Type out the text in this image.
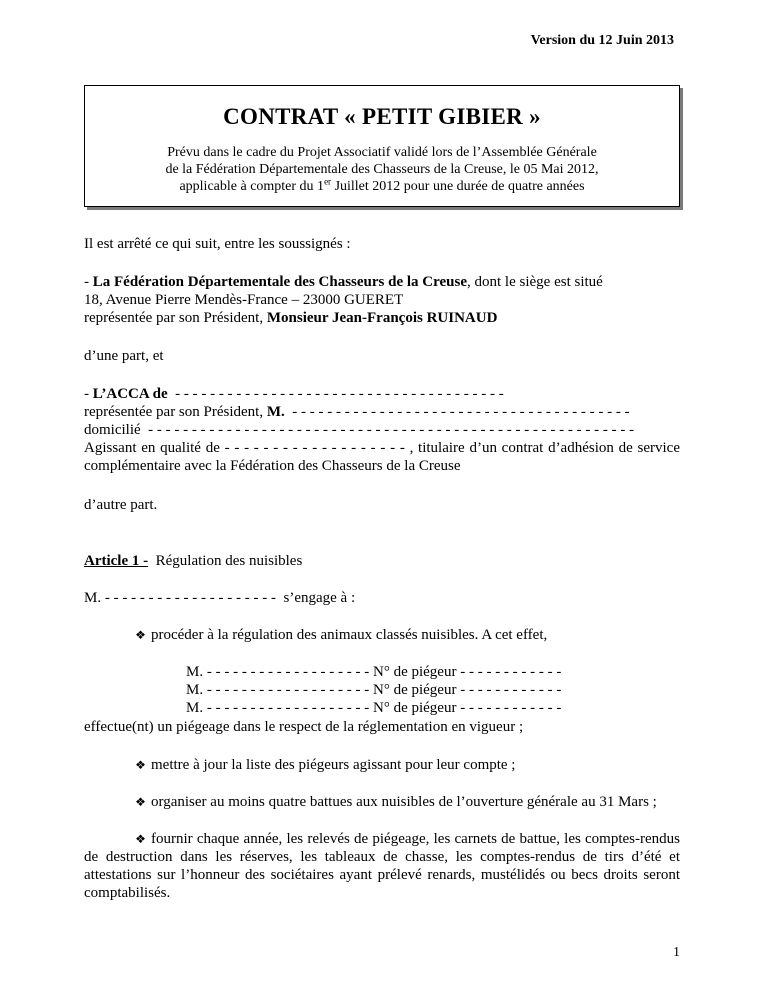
Version du 12 Juin 2013
CONTRAT « PETIT GIBIER »
Prévu dans le cadre du Projet Associatif validé lors de l’Assemblée Générale
de la Fédération Départementale des Chasseurs de la Creuse, le 05 Mai 2012,
applicable à compter du 1er Juillet 2012 pour une durée de quatre années
Il est arrêté ce qui suit, entre les soussignés :
- La Fédération Départementale des Chasseurs de la Creuse, dont le siège est situé
18, Avenue Pierre Mendès-France – 23000 GUERET
représentée par son Président, Monsieur Jean-François RUINAUD
d’une part, et
- L’ACCA de  - - - - - - - - - - - - - - - - - - - - - - - - - - - - - - - - - - - - - -
représentée par son Président, M.  - - - - - - - - - - - - - - - - - - - - - - - - - - - - - - - - - - - - - - -
domicilié  - - - - - - - - - - - - - - - - - - - - - - - - - - - - - - - - - - - - - - - - - - - - - - - - - - - - - - - -
Agissant en qualité de - - - - - - - - - - - - - - - - - - - , titulaire d’un contrat d’adhésion de service complémentaire avec la Fédération des Chasseurs de la Creuse
d’autre part.
Article 1 -  Régulation des nuisibles
M. - - - - - - - - - - - - - - - - - - - -  s’engage à :
❖ procéder à la régulation des animaux classés nuisibles. A cet effet,
M. - - - - - - - - - - - - - - - - - - - N° de piégeur - - - - - - - - - - - -
M. - - - - - - - - - - - - - - - - - - - N° de piégeur - - - - - - - - - - - -
M. - - - - - - - - - - - - - - - - - - - N° de piégeur - - - - - - - - - - - -
effectue(nt) un piégeage dans le respect de la réglementation en vigueur ;
❖ mettre à jour la liste des piégeurs agissant pour leur compte ;
❖ organiser au moins quatre battues aux nuisibles de l’ouverture générale au 31 Mars ;
❖ fournir chaque année, les relevés de piégeage, les carnets de battue, les comptes-rendus de destruction dans les réserves, les tableaux de chasse, les comptes-rendus de tirs d’été et attestations sur l’honneur des sociétaires ayant prélevé renards, mustélidés ou becs droits seront comptabilisés.
1
